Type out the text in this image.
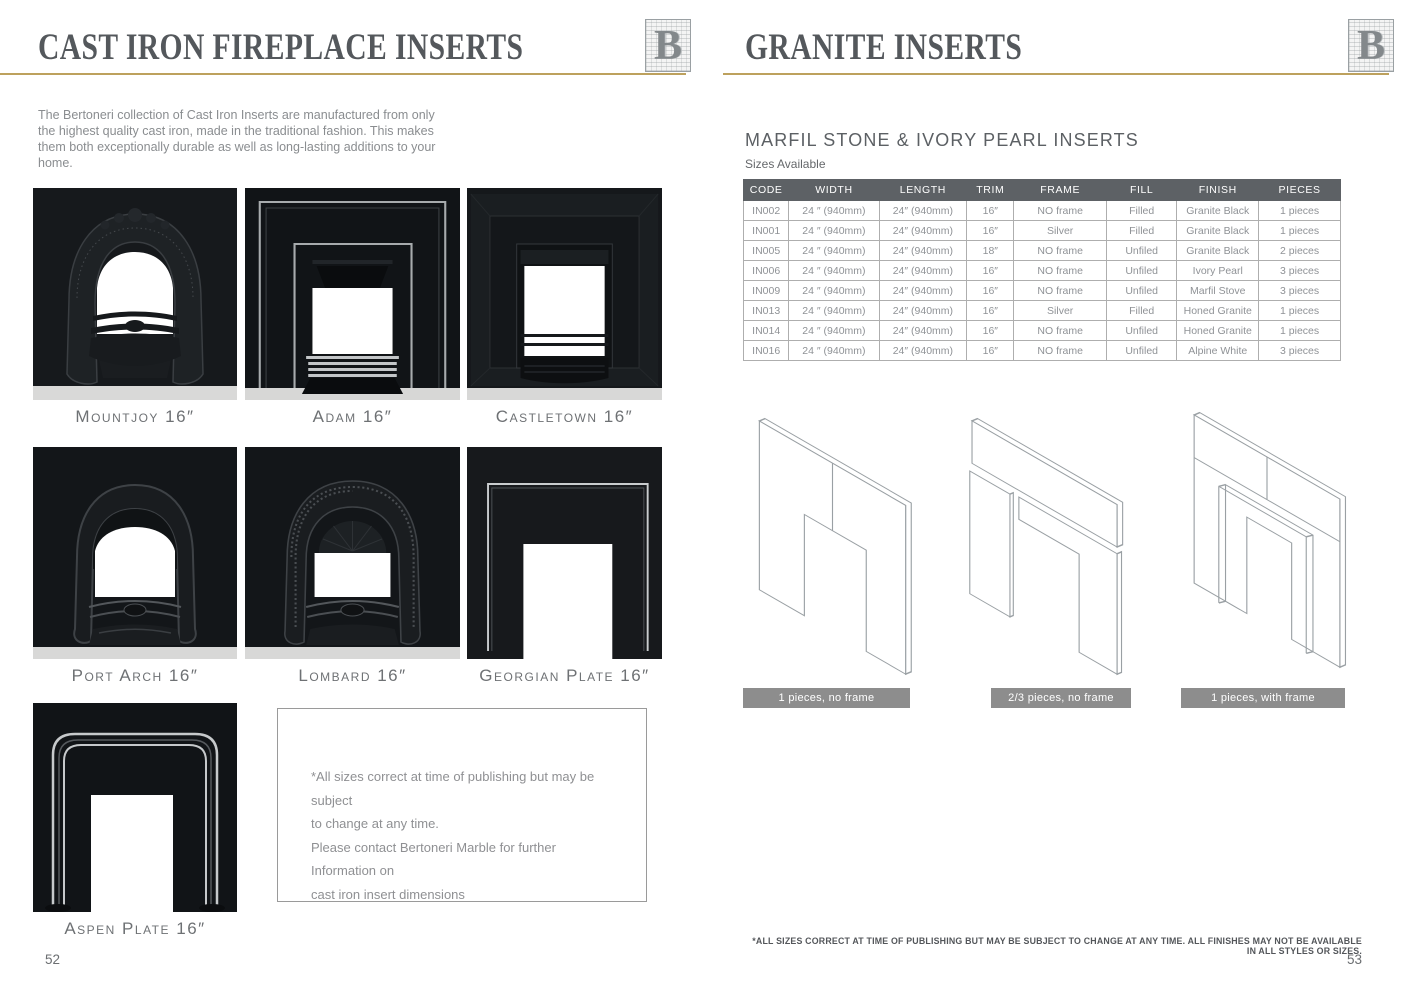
CAST IRON FIREPLACE INSERTS	B

The Bertoneri collection of Cast Iron Inserts are manufactured from only the highest quality cast iron, made in the traditional fashion. This makes them both exceptionally durable as well as long-lasting additions to your home.

Mountjoy 16″	Adam 16″	Castletown 16″
Port Arch 16″	Lombard 16″	Georgian Plate 16″
Aspen Plate 16″

*All sizes correct at time of publishing but may be subject

to change at any time.

Please contact Bertoneri Marble for further Information on

cast iron insert dimensions

52
GRANITE INSERTS	B
MARFIL STONE & IVORY PEARL INSERTS
Sizes Available
CODE	WIDTH	LENGTH	TRIM	FRAME	FILL	FINISH	PIECES
IN002	24 ″ (940mm)	24″ (940mm)	16″	NO frame	Filled	Granite Black	1 pieces
IN001	24 ″ (940mm)	24″ (940mm)	16″	Silver	Filled	Granite Black	1 pieces
IN005	24 ″ (940mm)	24″ (940mm)	18″	NO frame	Unfiled	Granite Black	2 pieces
IN006	24 ″ (940mm)	24″ (940mm)	16″	NO frame	Unfiled	Ivory Pearl	3 pieces
IN009	24 ″ (940mm)	24″ (940mm)	16″	NO frame	Unfiled	Marfil Stove	3 pieces
IN013	24 ″ (940mm)	24″ (940mm)	16″	Silver	Filled	Honed Granite	1 pieces
IN014	24 ″ (940mm)	24″ (940mm)	16″	NO frame	Unfiled	Honed Granite	1 pieces
IN016	24 ″ (940mm)	24″ (940mm)	16″	NO frame	Unfiled	Alpine White	3 pieces
1 pieces, no frame	2/3 pieces, no frame	1 pieces, with frame
*ALL SIZES CORRECT AT TIME OF PUBLISHING BUT MAY BE SUBJECT TO CHANGE AT ANY TIME. ALL FINISHES MAY NOT BE AVAILABLE IN ALL STYLES OR SIZES.
53
